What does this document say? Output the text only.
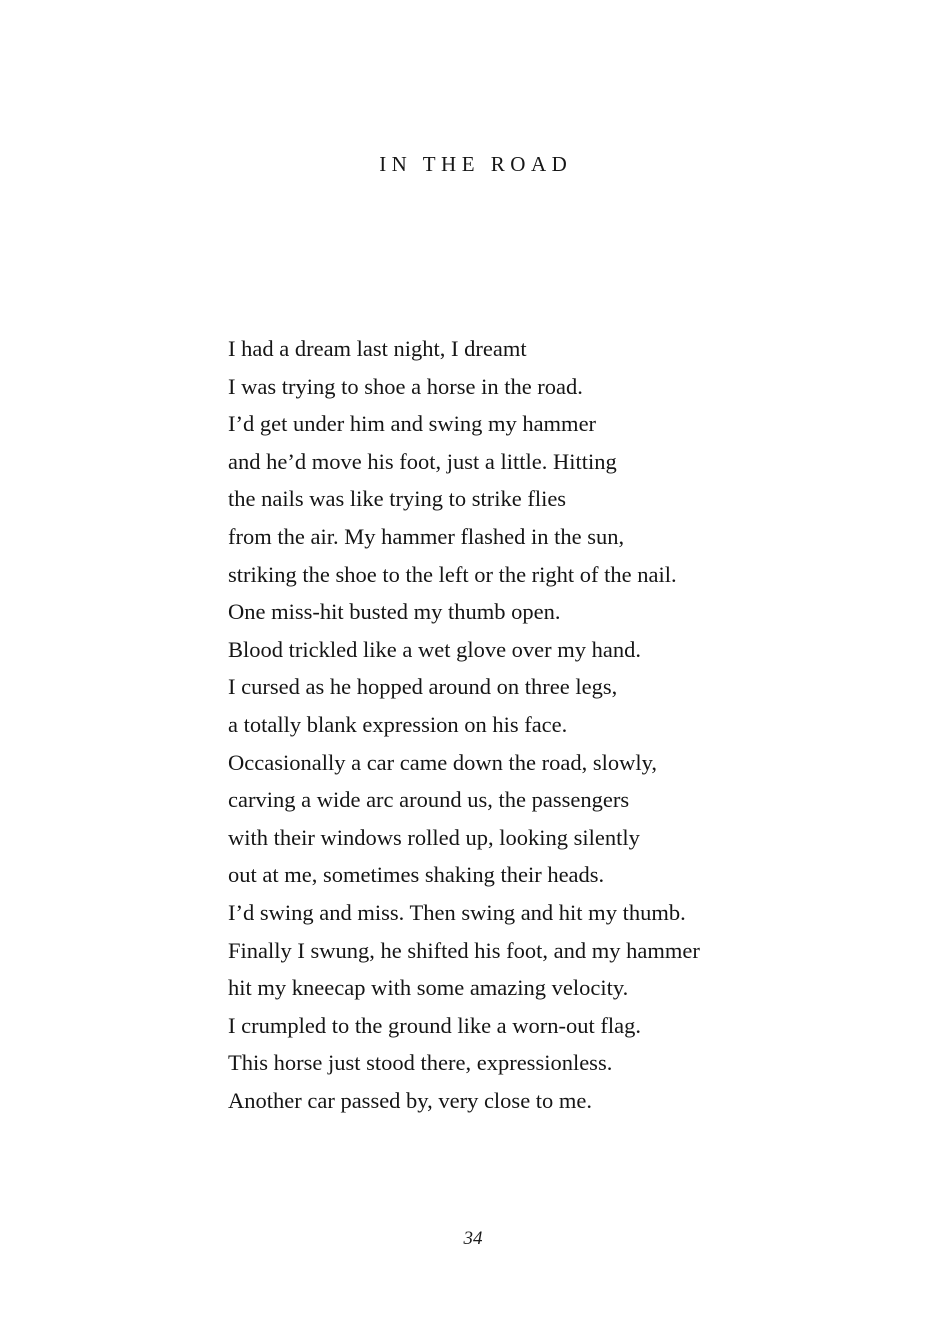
IN THE ROAD
I had a dream last night, I dreamt
I was trying to shoe a horse in the road.
I’d get under him and swing my hammer
and he’d move his foot, just a little. Hitting
the nails was like trying to strike flies
from the air. My hammer flashed in the sun,
striking the shoe to the left or the right of the nail.
One miss-hit busted my thumb open.
Blood trickled like a wet glove over my hand.
I cursed as he hopped around on three legs,
a totally blank expression on his face.
Occasionally a car came down the road, slowly,
carving a wide arc around us, the passengers
with their windows rolled up, looking silently
out at me, sometimes shaking their heads.
I’d swing and miss. Then swing and hit my thumb.
Finally I swung, he shifted his foot, and my hammer
hit my kneecap with some amazing velocity.
I crumpled to the ground like a worn-out flag.
This horse just stood there, expressionless.
Another car passed by, very close to me.
34
